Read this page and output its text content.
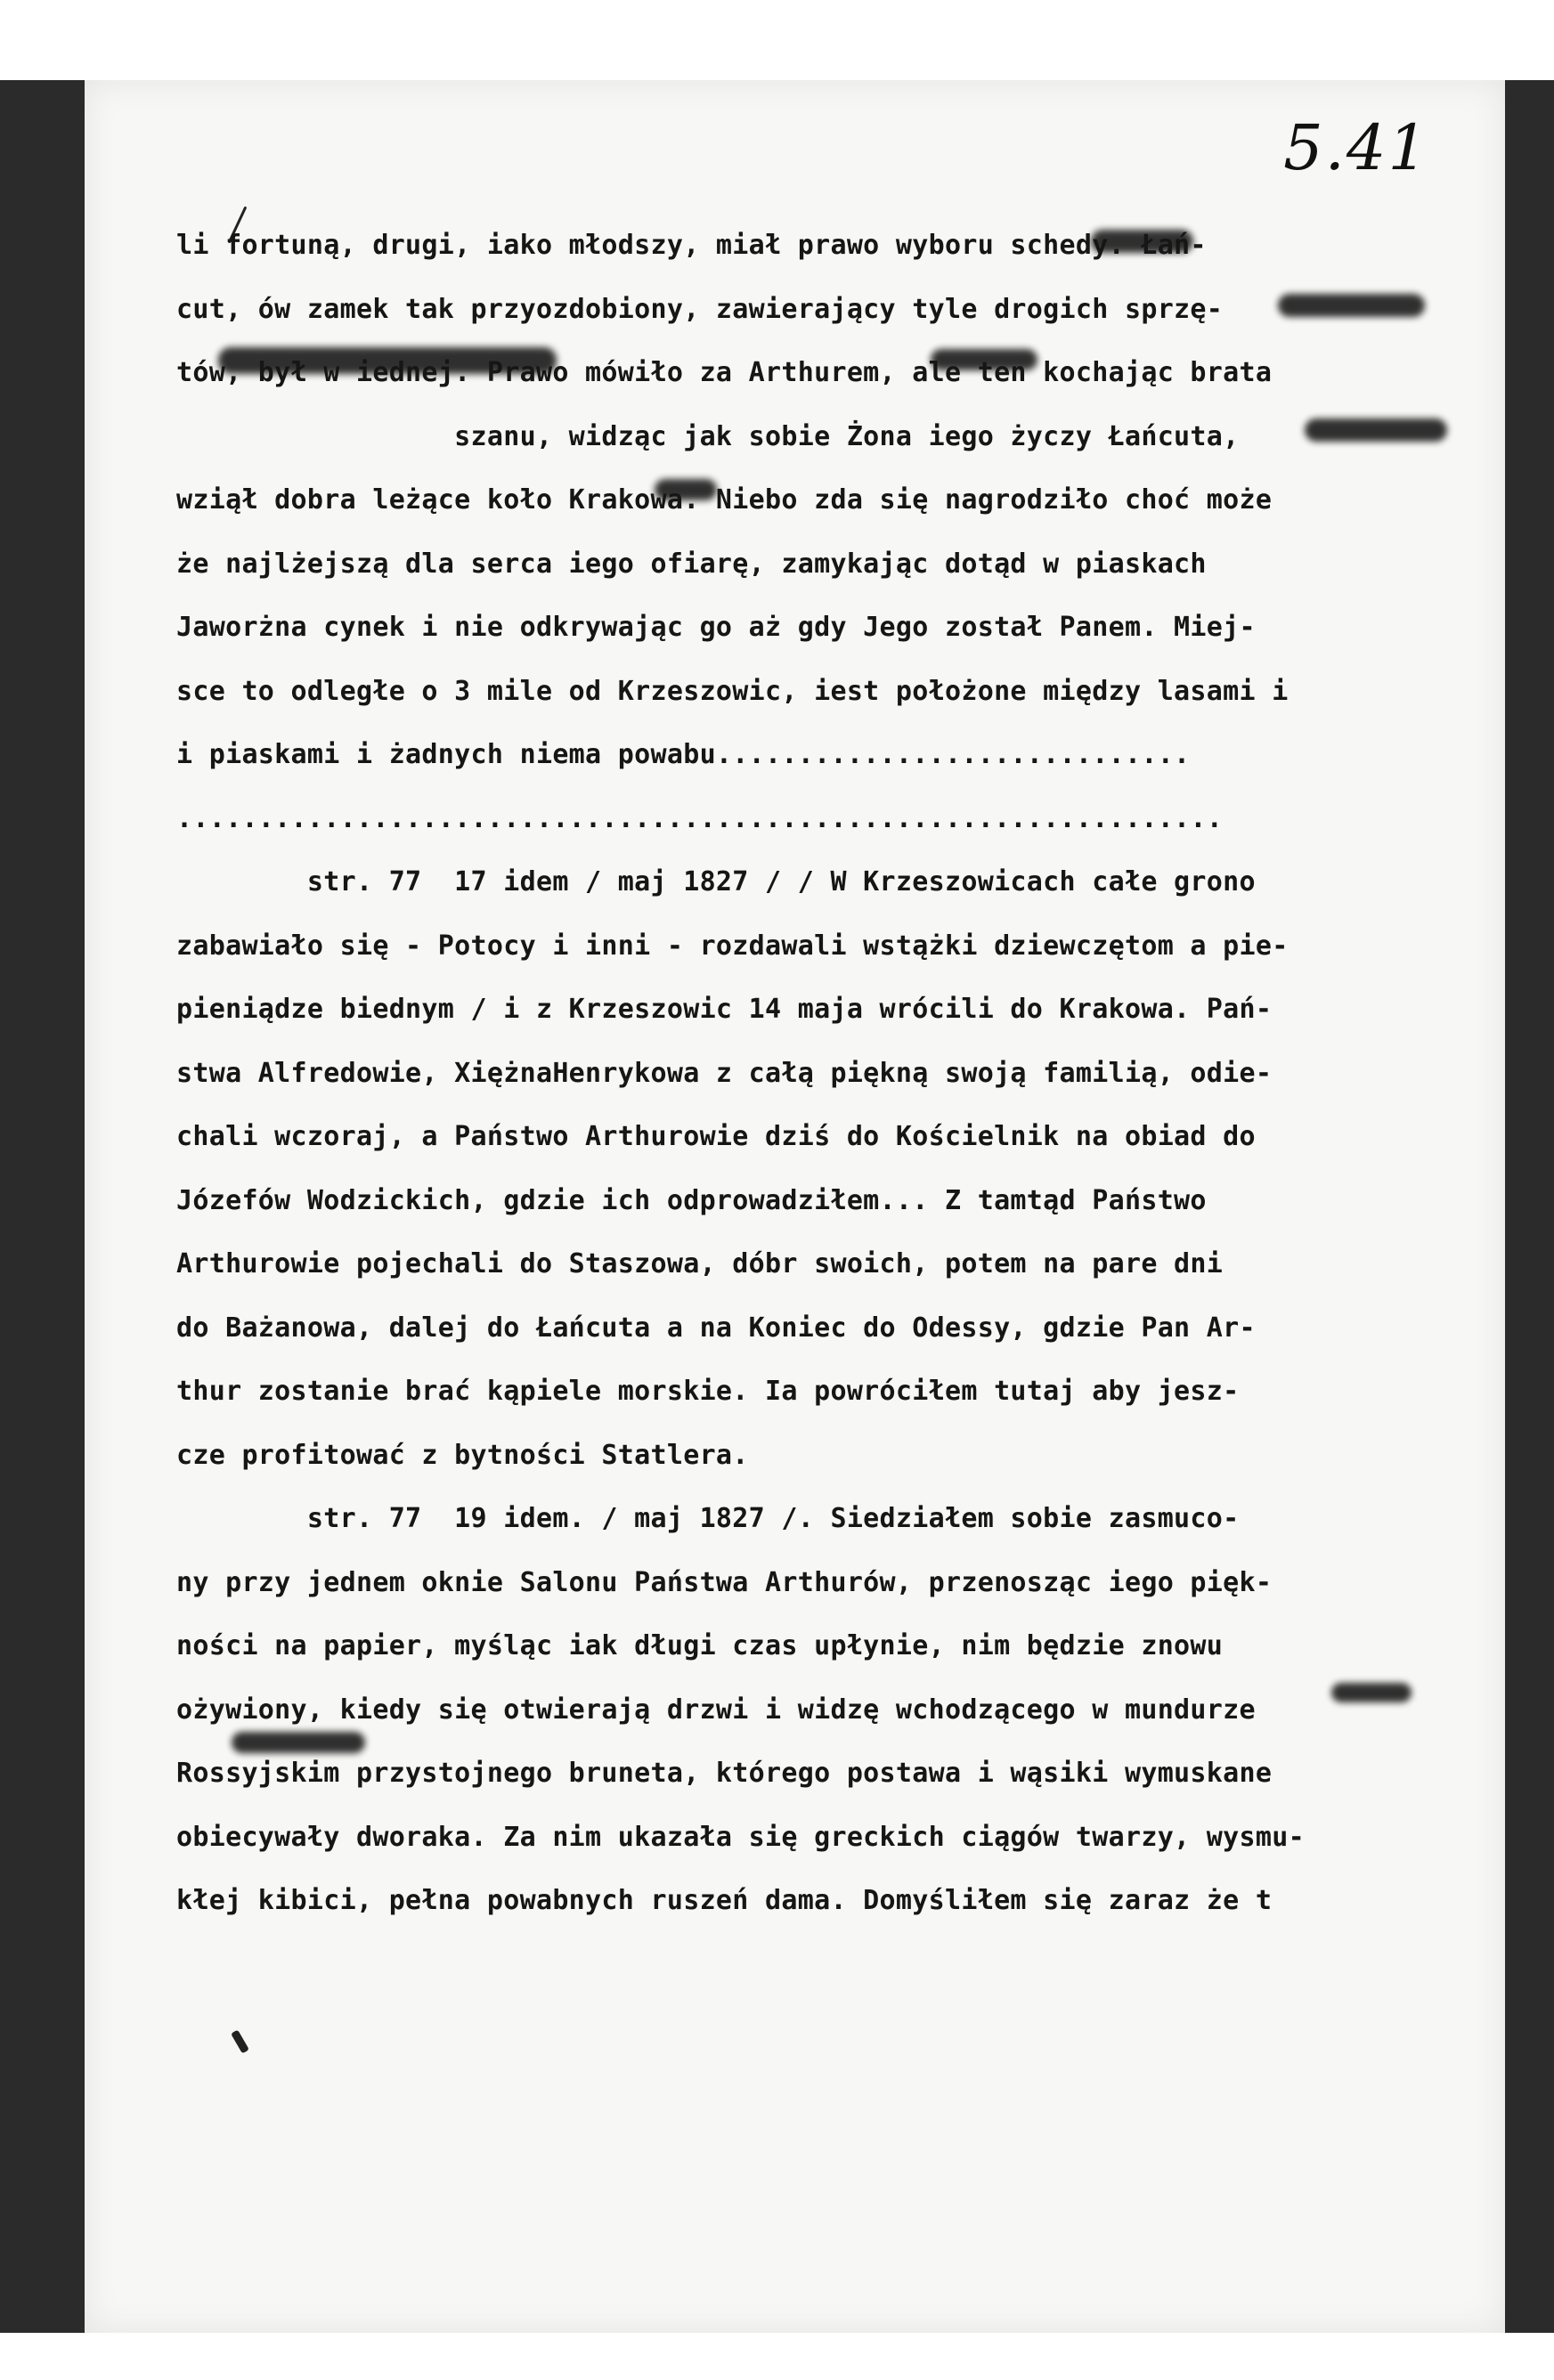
5.41
li fortuną, drugi, iako młodszy, miał prawo wyboru schedy. Łań-
cut, ów zamek tak przyozdobiony, zawierający tyle drogich sprzę-
tów, był w iednej. Prawo mówiło za Arthurem, ale ten kochając brata
szanu, widząc jak sobie Żona iego życzy Łańcuta,
wziął dobra leżące koło Krakowa. Niebo zda się nagrodziło choć może
że najlżejszą dla serca iego ofiarę, zamykając dotąd w piaskach
Jaworżna cynek i nie odkrywając go aż gdy Jego został Panem. Miej-
sce to odległe o 3 mile od Krzeszowic, iest położone między lasami i
i piaskami i żadnych niema powabu.............................
................................................................
str. 77  17 idem / maj 1827 / / W Krzeszowicach całe grono
zabawiało się - Potocy i inni - rozdawali wstążki dziewczętom a pie-
pieniądze biednym / i z Krzeszowic 14 maja wrócili do Krakowa. Pań-
stwa Alfredowie, XiężnaHenrykowa z całą piękną swoją familią, odie-
chali wczoraj, a Państwo Arthurowie dziś do Kościelnik na obiad do
Józefów Wodzickich, gdzie ich odprowadziłem... Z tamtąd Państwo
Arthurowie pojechali do Staszowa, dóbr swoich, potem na pare dni
do Bażanowa, dalej do Łańcuta a na Koniec do Odessy, gdzie Pan Ar-
thur zostanie brać kąpiele morskie. Ia powróciłem tutaj aby jesz-
cze profitować z bytności Statlera.
str. 77  19 idem. / maj 1827 /. Siedziałem sobie zasmuco-
ny przy jednem oknie Salonu Państwa Arthurów, przenosząc iego pięk-
ności na papier, myśląc iak długi czas upłynie, nim będzie znowu
ożywiony, kiedy się otwierają drzwi i widzę wchodzącego w mundurze
Rossyjskim przystojnego bruneta, którego postawa i wąsiki wymuskane
obiecywały dworaka. Za nim ukazała się greckich ciągów twarzy, wysmu-
kłej kibici, pełna powabnych ruszeń dama. Domyśliłem się zaraz że t
